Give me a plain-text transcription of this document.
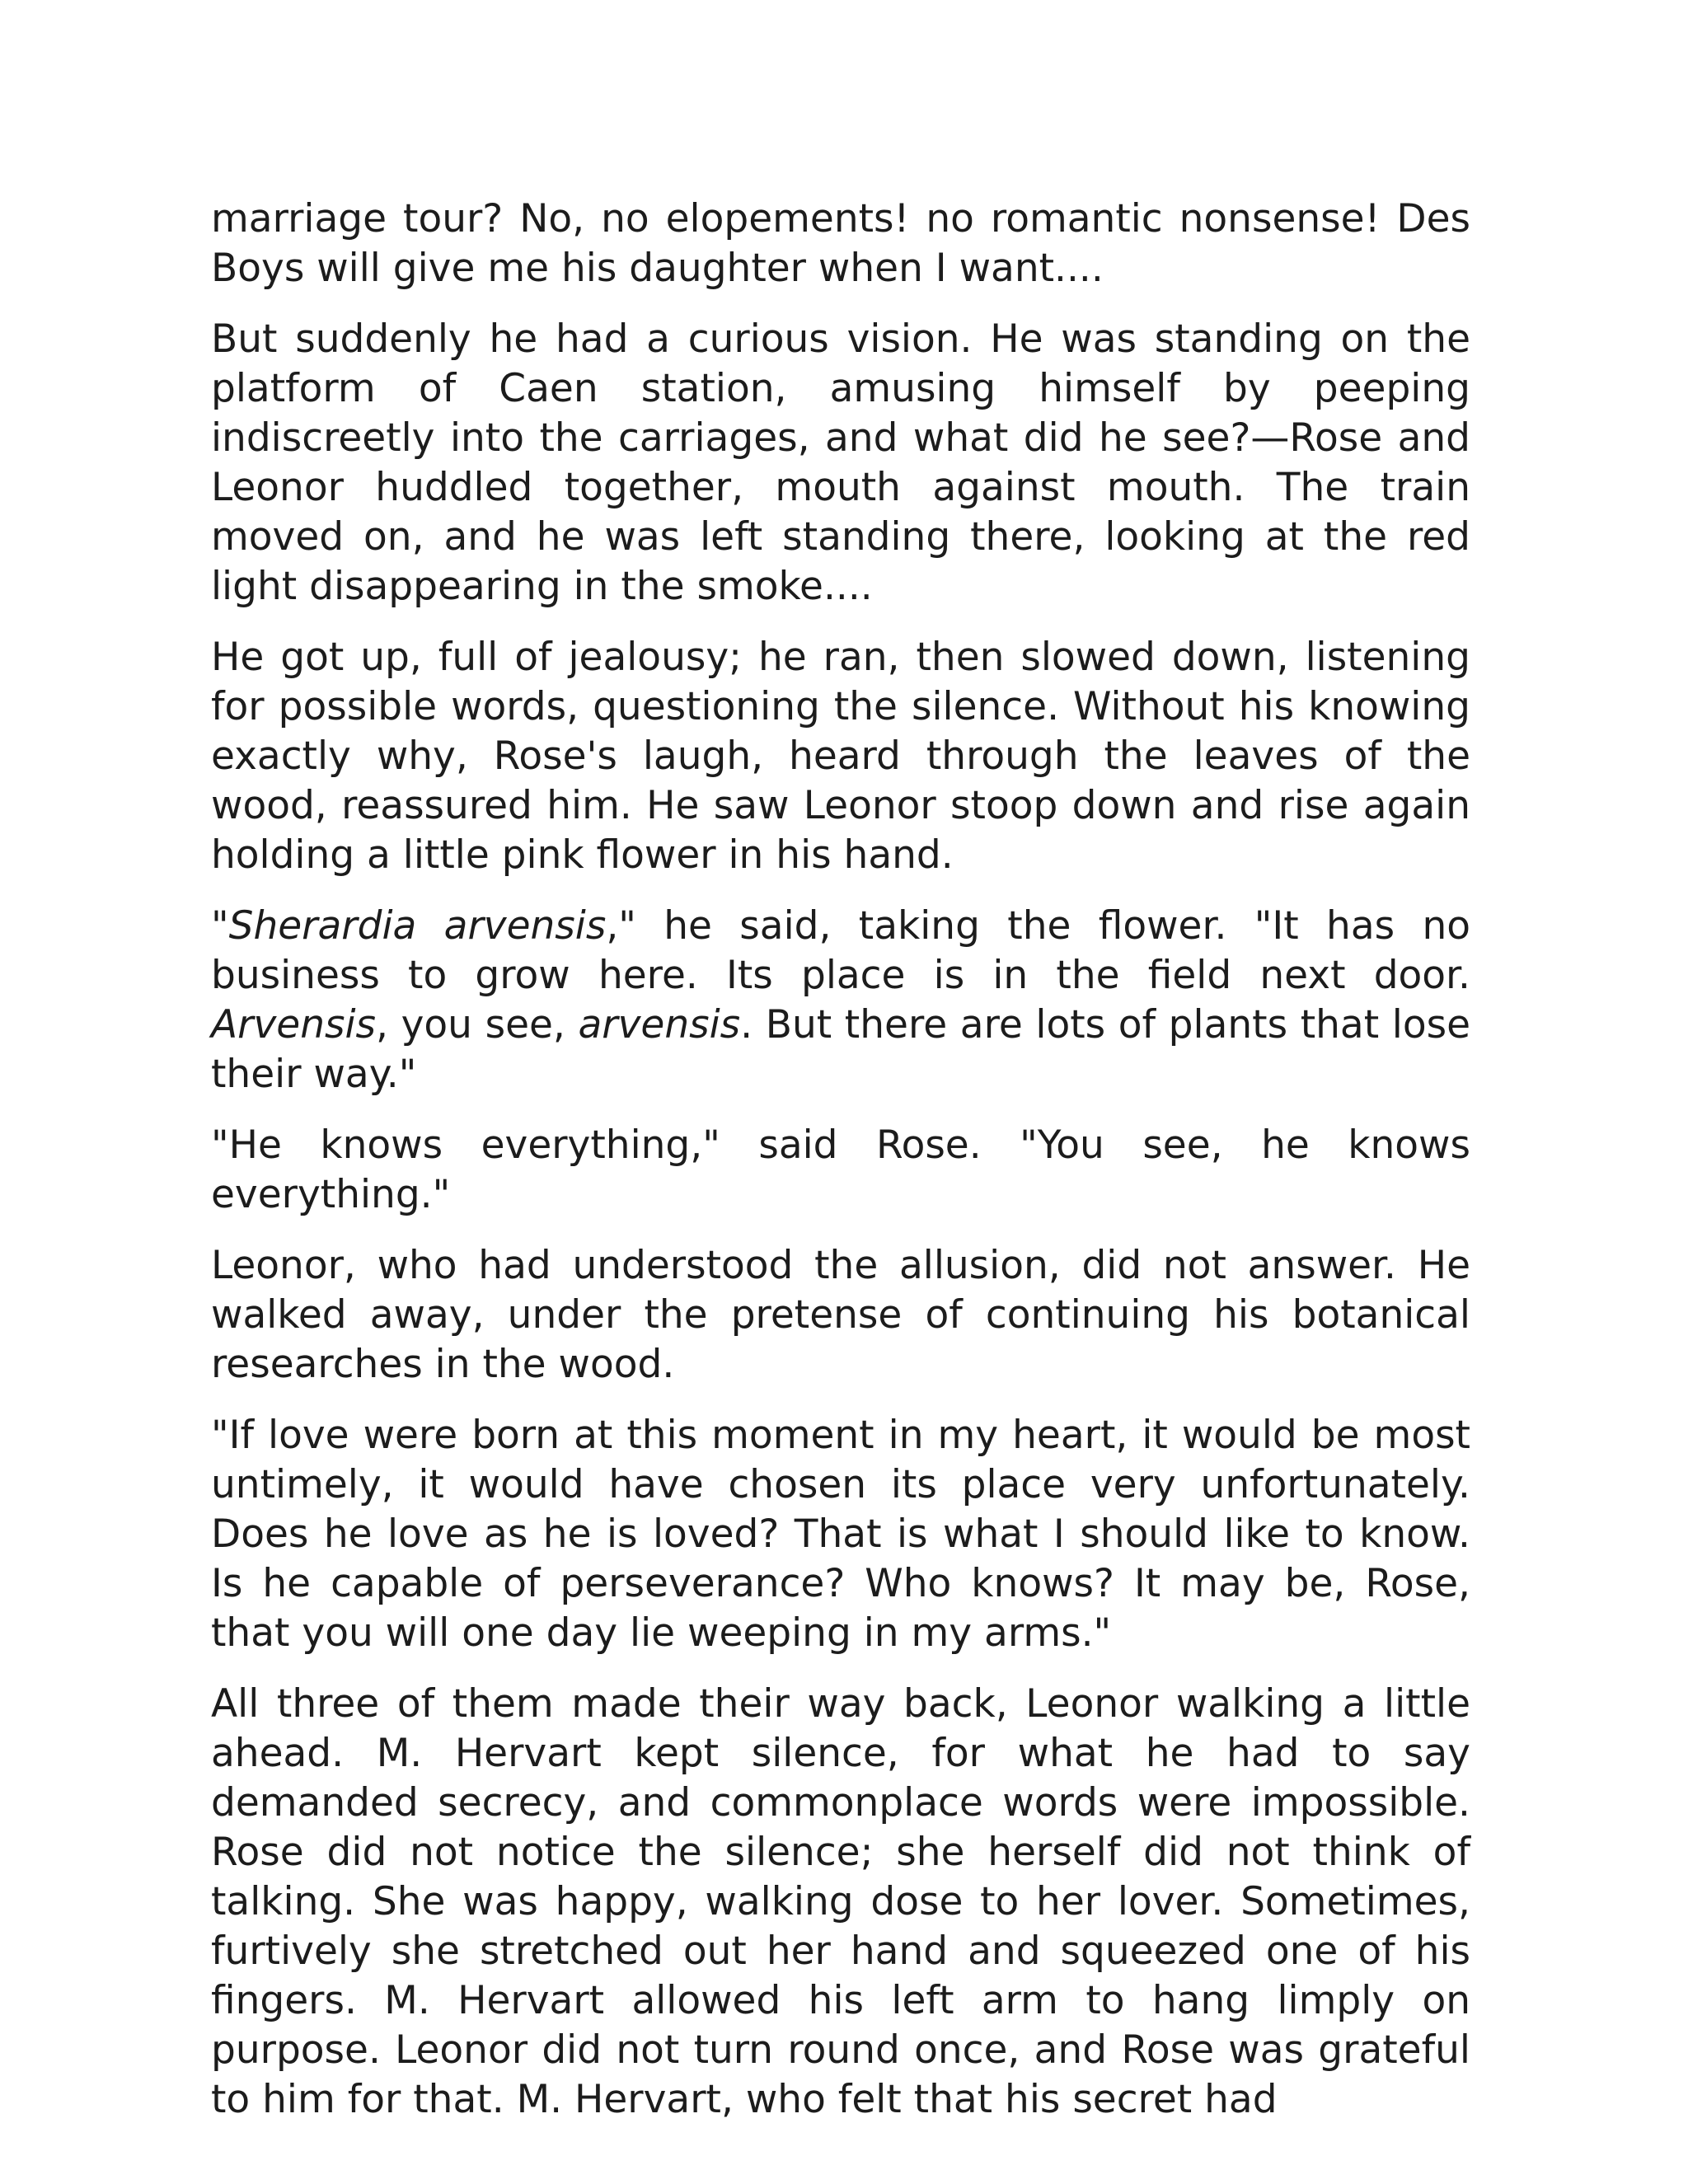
marriage tour? No, no elopements! no romantic nonsense! Des Boys will give me his daughter when I want....

But suddenly he had a curious vision. He was standing on the platform of Caen station, amusing himself by peeping indiscreetly into the carriages, and what did he see?—Rose and Leonor huddled together, mouth against mouth. The train moved on, and he was left standing there, looking at the red light disappearing in the smoke....

He got up, full of jealousy; he ran, then slowed down, listening for possible words, questioning the silence. Without his knowing exactly why, Rose's laugh, heard through the leaves of the wood, reassured him. He saw Leonor stoop down and rise again holding a little pink flower in his hand.

"Sherardia arvensis," he said, taking the flower. "It has no business to grow here. Its place is in the field next door. Arvensis, you see, arvensis. But there are lots of plants that lose their way."

"He knows everything," said Rose. "You see, he knows everything."

Leonor, who had understood the allusion, did not answer. He walked away, under the pretense of continuing his botanical researches in the wood.

"If love were born at this moment in my heart, it would be most untimely, it would have chosen its place very unfortunately. Does he love as he is loved? That is what I should like to know. Is he capable of perseverance? Who knows? It may be, Rose, that you will one day lie weeping in my arms."

All three of them made their way back, Leonor walking a little ahead. M. Hervart kept silence, for what he had to say demanded secrecy, and commonplace words were impossible. Rose did not notice the silence; she herself did not think of talking. She was happy, walking dose to her lover. Sometimes, furtively she stretched out her hand and squeezed one of his fingers. M. Hervart allowed his left arm to hang limply on purpose. Leonor did not turn round once, and Rose was grateful to him for that. M. Hervart, who felt that his secret had
